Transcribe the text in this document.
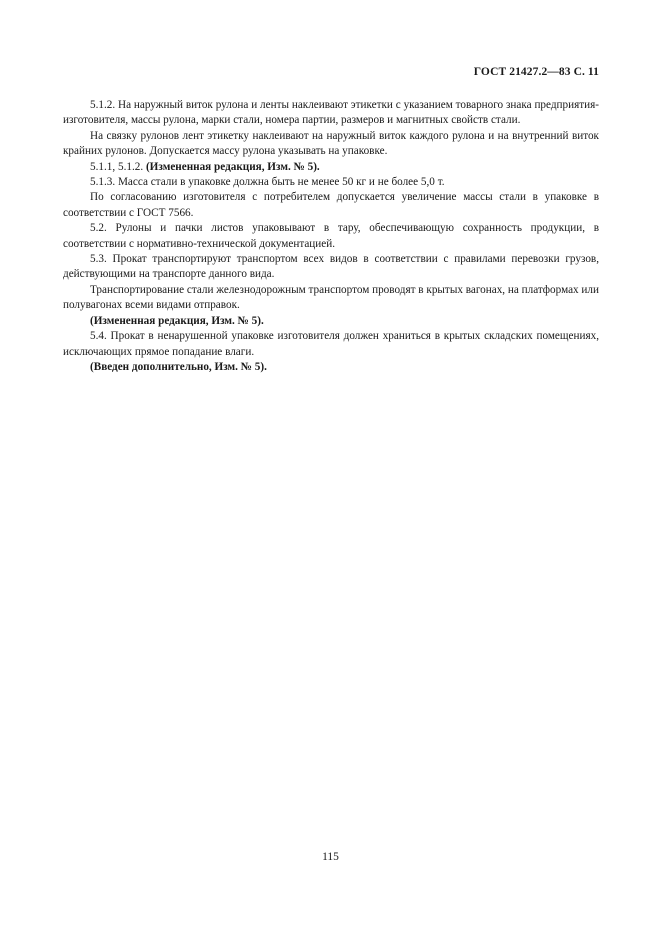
ГОСТ 21427.2—83 С. 11

5.1.2. На наружный виток рулона и ленты наклеивают этикетки с указанием товарного знака предприятия-изготовителя, массы рулона, марки стали, номера партии, размеров и магнитных свойств стали.

На связку рулонов лент этикетку наклеивают на наружный виток каждого рулона и на внутренний виток крайних рулонов. Допускается массу рулона указывать на упаковке.

5.1.1, 5.1.2. (Измененная редакция, Изм. № 5).

5.1.3. Масса стали в упаковке должна быть не менее 50 кг и не более 5,0 т.

По согласованию изготовителя с потребителем допускается увеличение массы стали в упаковке в соответствии с ГОСТ 7566.

5.2. Рулоны и пачки листов упаковывают в тару, обеспечивающую сохранность продукции, в соответствии с нормативно-технической документацией.

5.3. Прокат транспортируют транспортом всех видов в соответствии с правилами перевозки грузов, действующими на транспорте данного вида.

Транспортирование стали железнодорожным транспортом проводят в крытых вагонах, на платформах или полувагонах всеми видами отправок.

(Измененная редакция, Изм. № 5).

5.4. Прокат в ненарушенной упаковке изготовителя должен храниться в крытых складских помещениях, исключающих прямое попадание влаги.

(Введен дополнительно, Изм. № 5).

115
